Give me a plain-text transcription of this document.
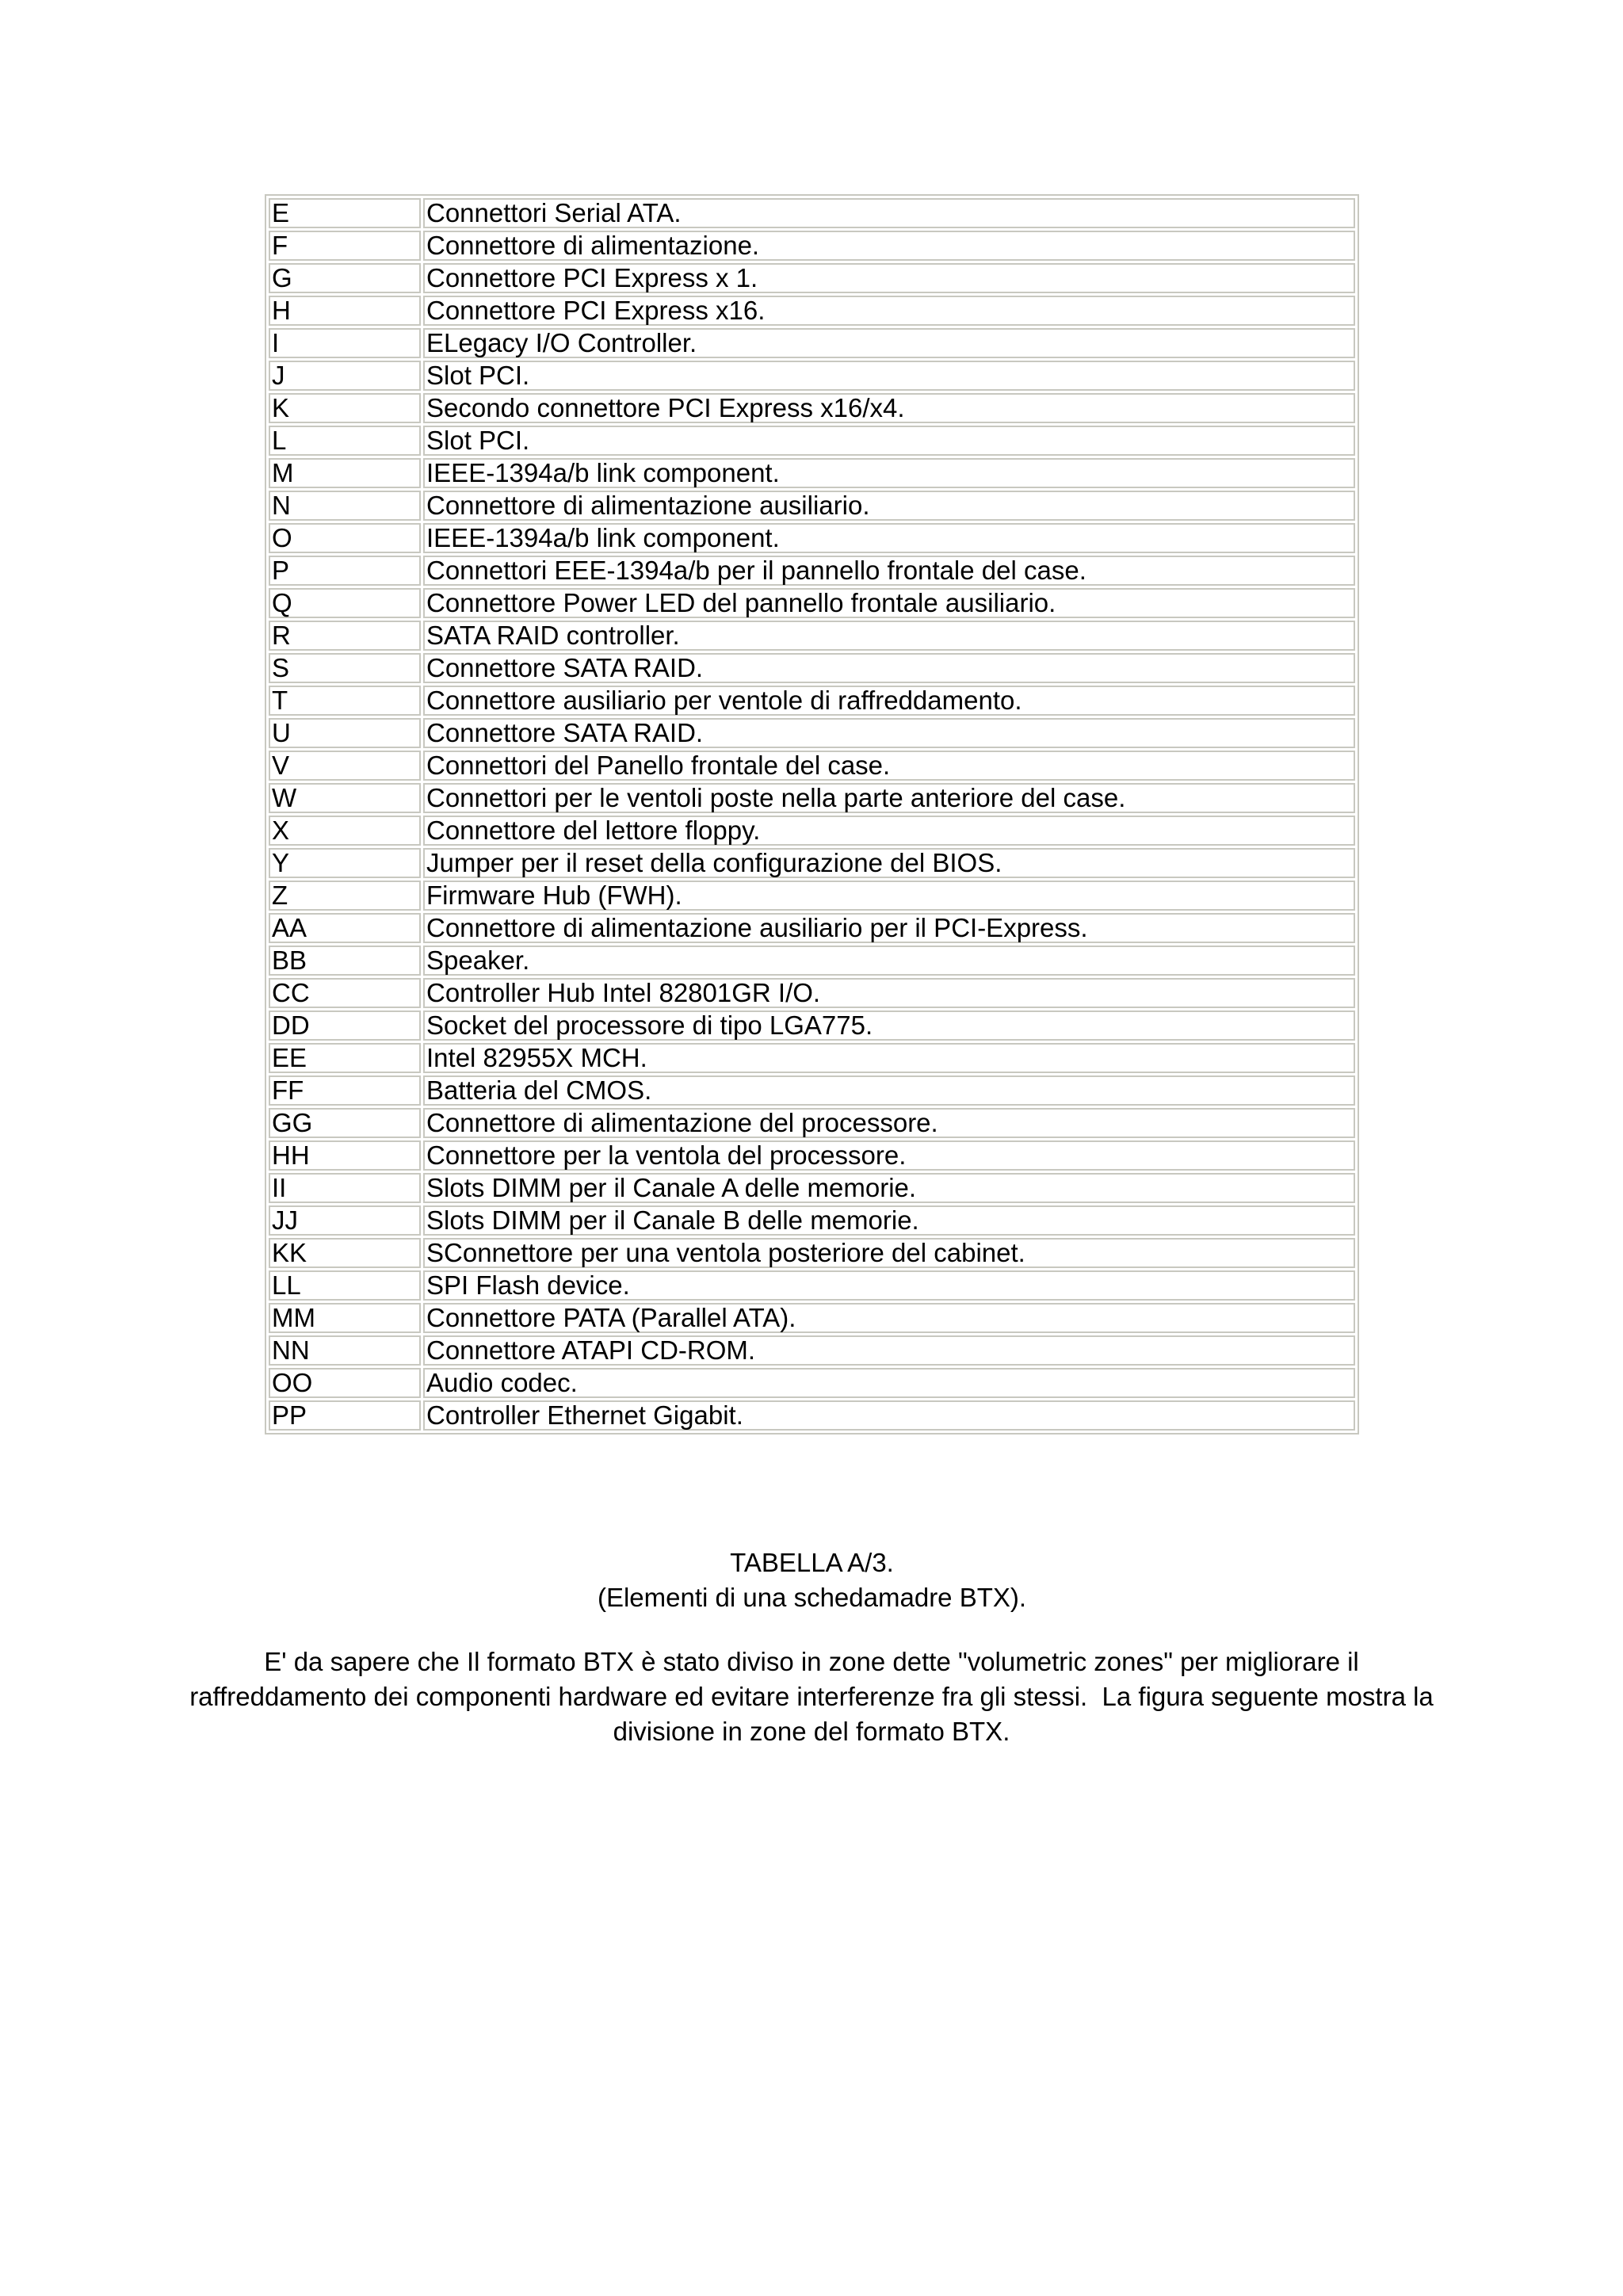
E	Connettori Serial ATA.
F	Connettore di alimentazione.
G	Connettore PCI Express x 1.
H	Connettore PCI Express x16.
I	ELegacy I/O Controller.
J	Slot PCI.
K	Secondo connettore PCI Express x16/x4.
L	Slot PCI.
M	IEEE-1394a/b link component.
N	Connettore di alimentazione ausiliario.
O	IEEE-1394a/b link component.
P	Connettori EEE-1394a/b per il pannello frontale del case.
Q	Connettore Power LED del pannello frontale ausiliario.
R	SATA RAID controller.
S	Connettore SATA RAID.
T	Connettore ausiliario per ventole di raffreddamento.
U	Connettore SATA RAID.
V	Connettori del Panello frontale del case.
W	Connettori per le ventoli poste nella parte anteriore del case.
X	Connettore del lettore floppy.
Y	Jumper per il reset della configurazione del BIOS.
Z	Firmware Hub (FWH).
AA	Connettore di alimentazione ausiliario per il PCI-Express.
BB	Speaker.
CC	Controller Hub Intel 82801GR I/O.
DD	Socket del processore di tipo LGA775.
EE	Intel 82955X MCH.
FF	Batteria del CMOS.
GG	Connettore di alimentazione del processore.
HH	Connettore per la ventola del processore.
II	Slots DIMM per il Canale A delle memorie.
JJ	Slots DIMM per il Canale B delle memorie.
KK	SConnettore per una ventola posteriore del cabinet.
LL	SPI Flash device.
MM	Connettore PATA (Parallel ATA).
NN	Connettore ATAPI CD-ROM.
OO	Audio codec.
PP	Controller Ethernet Gigabit.
TABELLA A/3.
(Elementi di una schedamadre BTX).
E' da sapere che Il formato BTX è stato diviso in zone dette "volumetric zones" per migliorare il
raffreddamento dei componenti hardware ed evitare interferenze fra gli stessi.  La figura seguente mostra la
divisione in zone del formato BTX.
